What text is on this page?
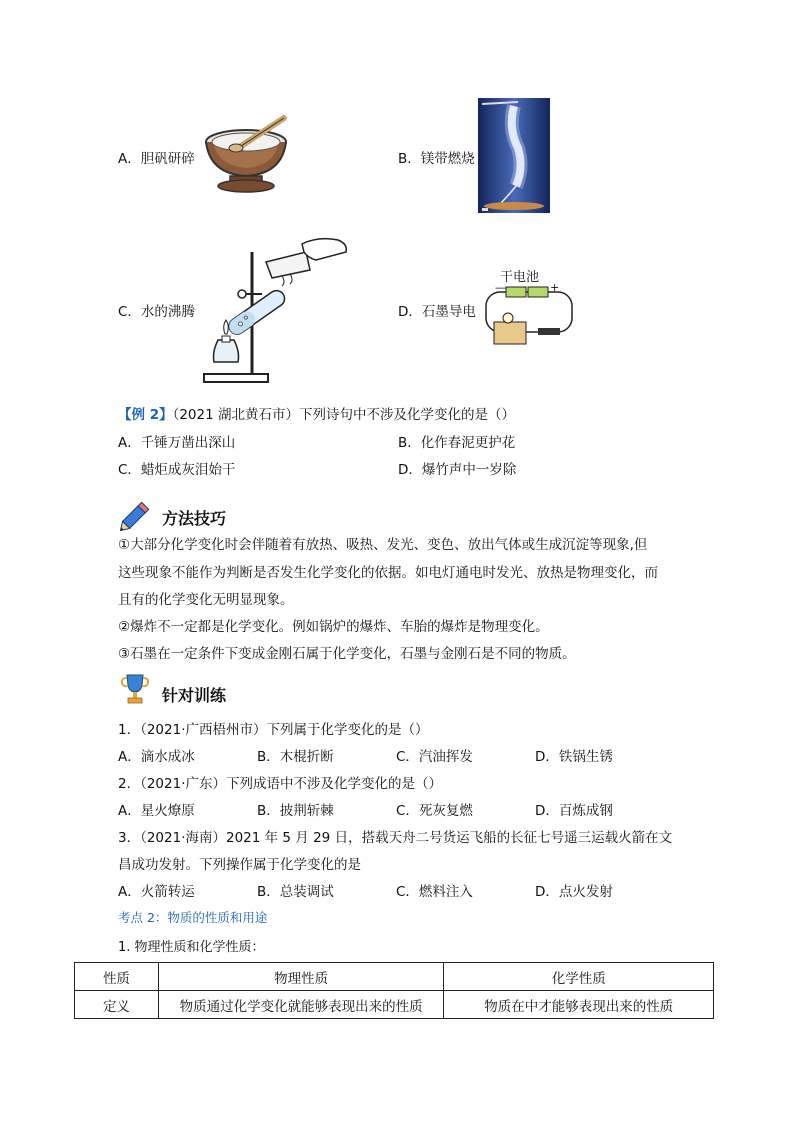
A．胆矾研碎	B．镁带燃烧
C．水的沸腾
干电池
—	+
D．石墨导电
【例 2】（2021 湖北黄石市）下列诗句中不涉及化学变化的是（）
A．千锤万凿出深山	B．化作春泥更护花
C．蜡炬成灰泪始干	D．爆竹声中一岁除
方法技巧
①大部分化学变化时会伴随着有放热、吸热、发光、变色、放出气体或生成沉淀等现象,但
这些现象不能作为判断是否发生化学变化的依据。如电灯通电时发光、放热是物理变化，而
且有的化学变化无明显现象。
②爆炸不一定都是化学变化。例如锅炉的爆炸、车胎的爆炸是物理变化。
③石墨在一定条件下变成金刚石属于化学变化，石墨与金刚石是不同的物质。
针对训练
1．（2021·广西梧州市）下列属于化学变化的是（）
A．滴水成冰	B．木棍折断	C．汽油挥发	D．铁锅生锈
2．（2021·广东）下列成语中不涉及化学变化的是（）
A．星火燎原	B．披荆斩棘	C．死灰复燃	D．百炼成钢
3．（2021·海南）2021 年 5 月 29 日，搭载天舟二号货运飞船的长征七号遥三运载火箭在文
昌成功发射。下列操作属于化学变化的是
A．火箭转运	B．总装调试	C．燃料注入	D．点火发射
考点 2：物质的性质和用途
1. 物理性质和化学性质：
性质	物理性质	化学性质
定义	物质通过化学变化就能够表现出来的性质	物质在中才能够表现出来的性质
